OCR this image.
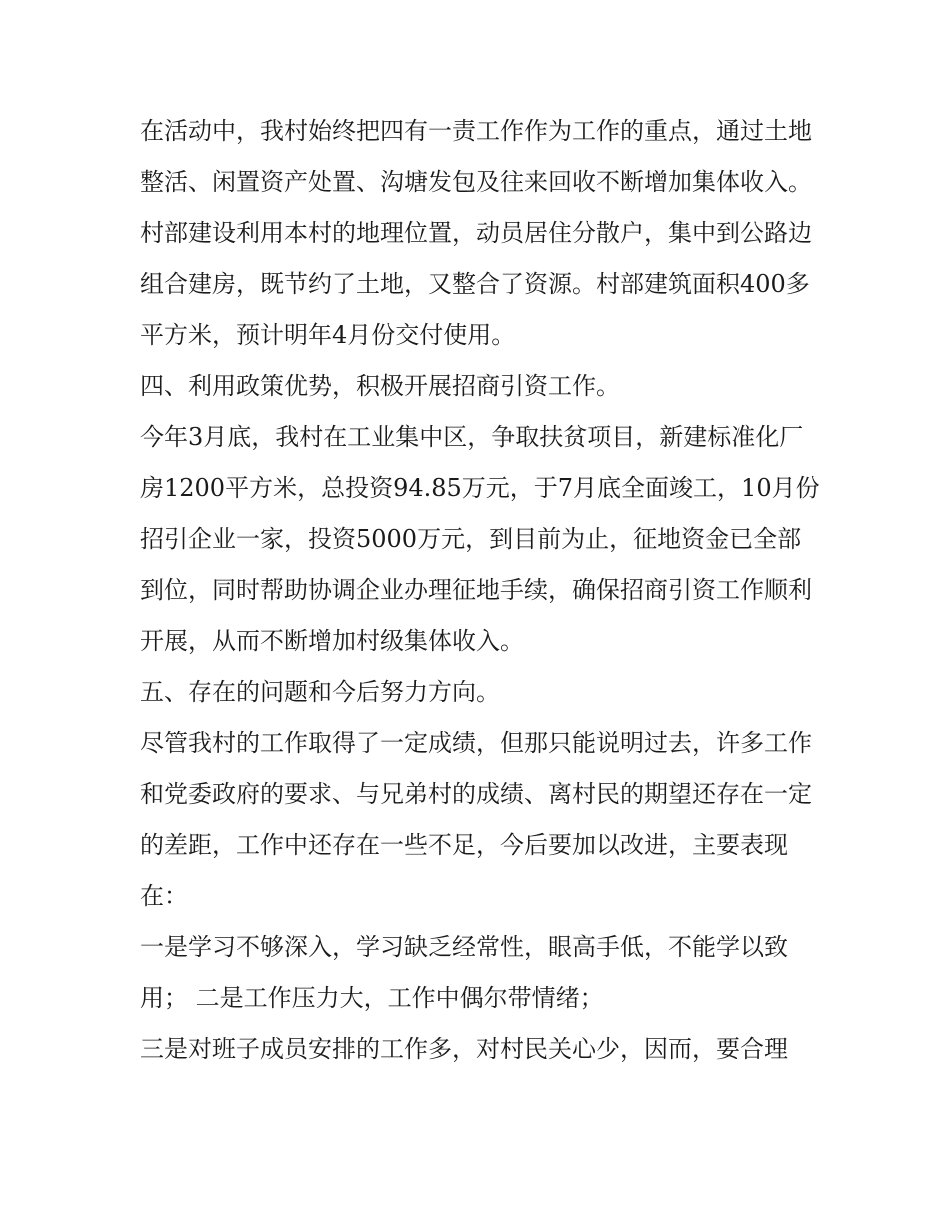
在活动中，我村始终把四有一责工作作为工作的重点，通过土地整活、闲置资产处置、沟塘发包及往来回收不断增加集体收入。

村部建设利用本村的地理位置，动员居住分散户，集中到公路边组合建房，既节约了土地，又整合了资源。村部建筑面积400多平方米，预计明年4月份交付使用。

四、利用政策优势，积极开展招商引资工作。

今年3月底，我村在工业集中区，争取扶贫项目，新建标准化厂房1200平方米，总投资94.85万元，于7月底全面竣工，10月份招引企业一家，投资5000万元，到目前为止，征地资金已全部到位，同时帮助协调企业办理征地手续，确保招商引资工作顺利开展，从而不断增加村级集体收入。

五、存在的问题和今后努力方向。

尽管我村的工作取得了一定成绩，但那只能说明过去，许多工作和党委政府的要求、与兄弟村的成绩、离村民的期望还存在一定的差距，工作中还存在一些不足，今后要加以改进，主要表现在：

一是学习不够深入，学习缺乏经常性，眼高手低，不能学以致用； 二是工作压力大，工作中偶尔带情绪；

三是对班子成员安排的工作多，对村民关心少，因而，要合理
